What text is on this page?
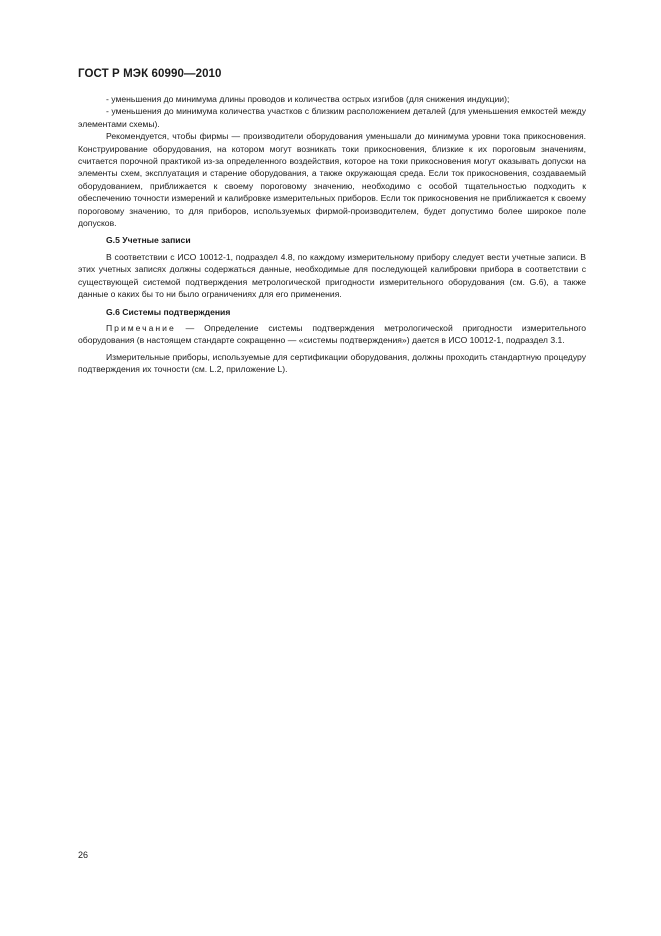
ГОСТ Р МЭК 60990—2010

- уменьшения до минимума длины проводов и количества острых изгибов (для снижения индукции);

- уменьшения до минимума количества участков с близким расположением деталей (для уменьшения емкостей между элементами схемы).

Рекомендуется, чтобы фирмы — производители оборудования уменьшали до минимума уровни тока прикосновения. Конструирование оборудования, на котором могут возникать токи прикосновения, близкие к их пороговым значениям, считается порочной практикой из-за определенного воздействия, которое на токи прикосновения могут оказывать допуски на элементы схем, эксплуатация и старение оборудования, а также окружающая среда. Если ток прикосновения, создаваемый оборудованием, приближается к своему пороговому значению, необходимо с особой тщательностью подходить к обеспечению точности измерений и калибровке измерительных приборов. Если ток прикосновения не приближается к своему пороговому значению, то для приборов, используемых фирмой-производителем, будет допустимо более широкое поле допусков.

G.5 Учетные записи

В соответствии с ИСО 10012-1, подраздел 4.8, по каждому измерительному прибору следует вести учетные записи. В этих учетных записях должны содержаться данные, необходимые для последующей калибровки прибора в соответствии с существующей системой подтверждения метрологической пригодности измерительного оборудования (см. G.6), а также данные о каких бы то ни было ограничениях для его применения.

G.6 Системы подтверждения

Примечание — Определение системы подтверждения метрологической пригодности измерительного оборудования (в настоящем стандарте сокращенно — «системы подтверждения») дается в ИСО 10012-1, подраздел 3.1.

Измерительные приборы, используемые для сертификации оборудования, должны проходить стандартную процедуру подтверждения их точности (см. L.2, приложение L).

26
